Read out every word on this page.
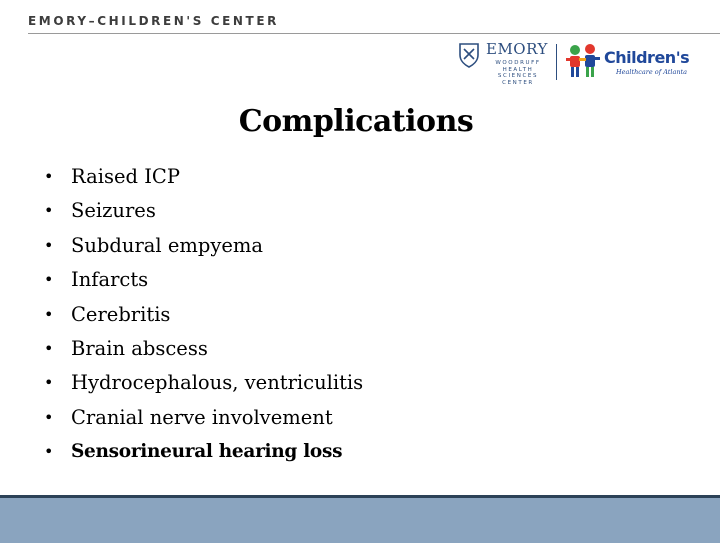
EMORY–CHILDREN'S CENTER
EMORY
WOODRUFF
HEALTH
SCIENCES
CENTER
Children's
Healthcare of Atlanta
Complications
• Raised ICP
• Seizures
• Subdural empyema
• Infarcts
• Cerebritis
• Brain abscess
• Hydrocephalous, ventriculitis
• Cranial nerve involvement
• Sensorineural hearing loss
